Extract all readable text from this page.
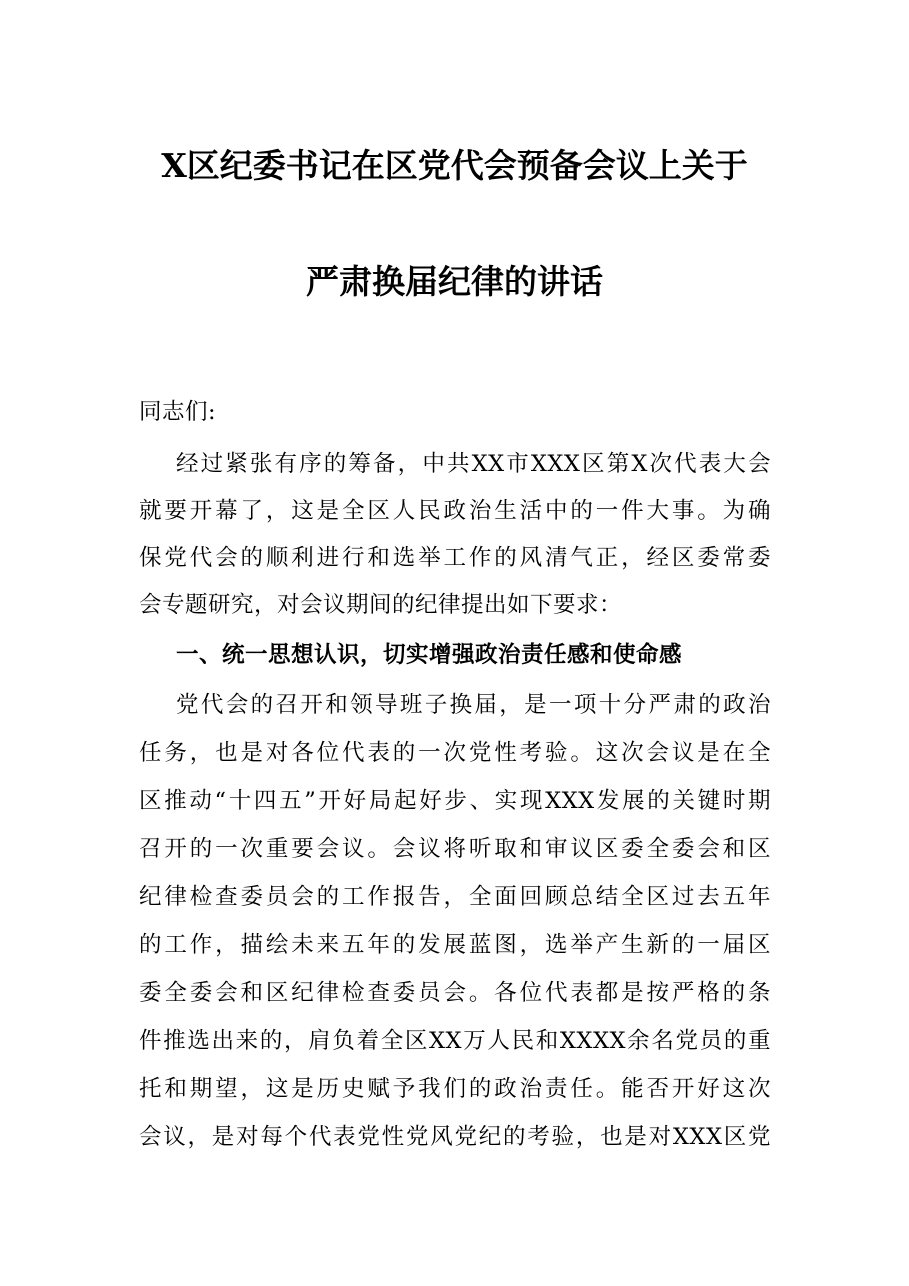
X区纪委书记在区党代会预备会议上关于
严肃换届纪律的讲话
同志们:
经过紧张有序的筹备，中共XX市XXX区第X次代表大会
就要开幕了，这是全区人民政治生活中的一件大事。为确
保党代会的顺利进行和选举工作的风清气正，经区委常委
会专题研究，对会议期间的纪律提出如下要求：
一、统一思想认识，切实增强政治责任感和使命感
党代会的召开和领导班子换届，是一项十分严肃的政治
任务，也是对各位代表的一次党性考验。这次会议是在全
区推动“十四五”开好局起好步、实现XXX发展的关键时期
召开的一次重要会议。会议将听取和审议区委全委会和区
纪律检查委员会的工作报告，全面回顾总结全区过去五年
的工作，描绘未来五年的发展蓝图，选举产生新的一届区
委全委会和区纪律检查委员会。各位代表都是按严格的条
件推选出来的，肩负着全区XX万人民和XXXX余名党员的重
托和期望，这是历史赋予我们的政治责任。能否开好这次
会议，是对每个代表党性党风党纪的考验，也是对XXX区党
